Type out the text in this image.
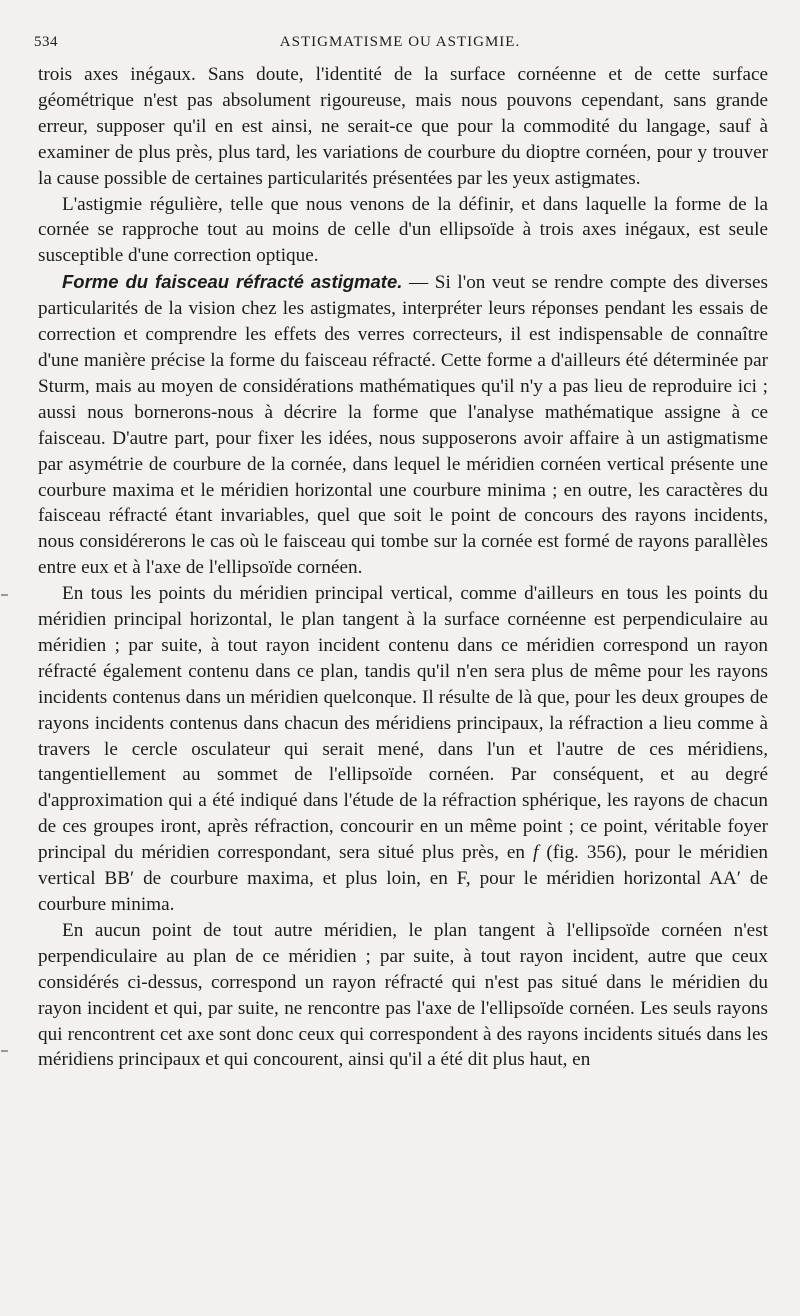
534	ASTIGMATISME OU ASTIGMIE.

trois axes inégaux. Sans doute, l'identité de la surface cornéenne et de cette surface géométrique n'est pas absolument rigoureuse, mais nous pouvons cependant, sans grande erreur, supposer qu'il en est ainsi, ne serait-ce que pour la commodité du langage, sauf à examiner de plus près, plus tard, les variations de courbure du dioptre cornéen, pour y trouver la cause possible de certaines particularités présentées par les yeux astigmates.

L'astigmie régulière, telle que nous venons de la définir, et dans laquelle la forme de la cornée se rapproche tout au moins de celle d'un ellipsoïde à trois axes inégaux, est seule susceptible d'une correction optique.

Forme du faisceau réfracté astigmate. — Si l'on veut se rendre compte des diverses particularités de la vision chez les astigmates, interpréter leurs réponses pendant les essais de correction et comprendre les effets des verres correcteurs, il est indispensable de connaître d'une manière précise la forme du faisceau réfracté. Cette forme a d'ailleurs été déterminée par Sturm, mais au moyen de considérations mathématiques qu'il n'y a pas lieu de reproduire ici ; aussi nous bornerons-nous à décrire la forme que l'analyse mathématique assigne à ce faisceau. D'autre part, pour fixer les idées, nous supposerons avoir affaire à un astigmatisme par asymétrie de courbure de la cornée, dans lequel le méridien cornéen vertical présente une courbure maxima et le méridien horizontal une courbure minima ; en outre, les caractères du faisceau réfracté étant invariables, quel que soit le point de concours des rayons incidents, nous considérerons le cas où le faisceau qui tombe sur la cornée est formé de rayons parallèles entre eux et à l'axe de l'ellipsoïde cornéen.

En tous les points du méridien principal vertical, comme d'ailleurs en tous les points du méridien principal horizontal, le plan tangent à la surface cornéenne est perpendiculaire au méridien ; par suite, à tout rayon incident contenu dans ce méridien correspond un rayon réfracté également contenu dans ce plan, tandis qu'il n'en sera plus de même pour les rayons incidents contenus dans un méridien quelconque. Il résulte de là que, pour les deux groupes de rayons incidents contenus dans chacun des méridiens principaux, la réfraction a lieu comme à travers le cercle osculateur qui serait mené, dans l'un et l'autre de ces méridiens, tangentiellement au sommet de l'ellipsoïde cornéen. Par conséquent, et au degré d'approximation qui a été indiqué dans l'étude de la réfraction sphérique, les rayons de chacun de ces groupes iront, après réfraction, concourir en un même point ; ce point, véritable foyer principal du méridien correspondant, sera situé plus près, en f (fig. 356), pour le méridien vertical BB′ de courbure maxima, et plus loin, en F, pour le méridien horizontal AA′ de courbure minima.

En aucun point de tout autre méridien, le plan tangent à l'ellipsoïde cornéen n'est perpendiculaire au plan de ce méridien ; par suite, à tout rayon incident, autre que ceux considérés ci-dessus, correspond un rayon réfracté qui n'est pas situé dans le méridien du rayon incident et qui, par suite, ne rencontre pas l'axe de l'ellipsoïde cornéen. Les seuls rayons qui rencontrent cet axe sont donc ceux qui correspondent à des rayons incidents situés dans les méridiens principaux et qui concourent, ainsi qu'il a été dit plus haut, en
